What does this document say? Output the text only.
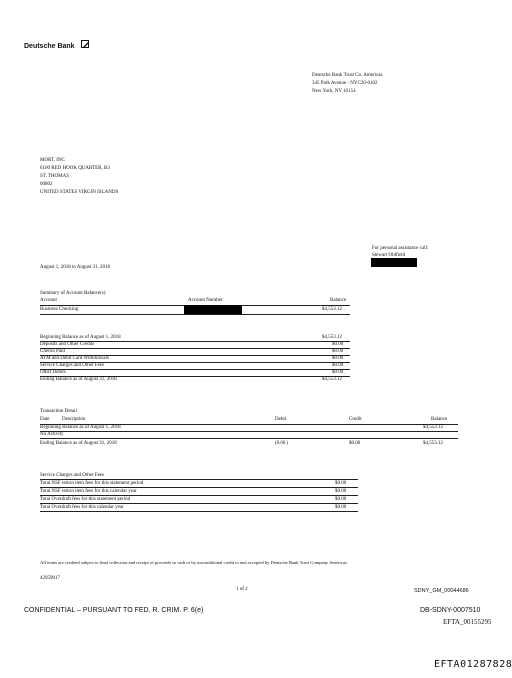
Deutsche Bank
Deutsche Bank Trust Co. Americas
345 Park Avenue - NYC20-0102
New York, NY 10154
MORT, INC
6100 RED HOOK QUARTER, B3
ST. THOMAS
00802
UNITED STATES VIRGIN ISLANDS
For personal assistance call:
Stewart Oldfield
August 1, 2018 to August 31, 2018
Summary of Account Balance(s)
Account	Account Number	Balance
Business Checking	$4,553.12
Beginning Balance as of August 1, 2018	$4,553.12
Deposits and Other Credits	$0.00
Checks Paid	$0.00
ATM and Debit Card Withdrawals	$0.00
Service Charges and Other Fees	$0.00
Other Debits	$0.00
Ending Balance as of August 31, 2018	$4,553.12
Transaction Detail
Date	Description	Debit	Credit	Balance
Beginning Balance as of August 1, 2018	$4,553.12
No Activity
Ending Balance as of August 31, 2018	(0.00 )	$0.00	$4,553.12
Service Charges and Other Fees
Total NSF return item fees for this statement period	$0.00
Total NSF return item fees for this calendar year	$0.00
Total Overdraft fees for this statement period	$0.00
Total Overdraft fees for this calendar year	$0.00
All items are credited subject to final collection and receipt of proceeds in cash or by unconditional credit to and accepted by Deutsche Bank Trust Company Americas.
42959017
1 of 2	SDNY_GM_00044686
CONFIDENTIAL – PURSUANT TO FED. R. CRIM. P. 6(e)	DB-SDNY-0007510
EFTA_00155295
EFTA01287828
